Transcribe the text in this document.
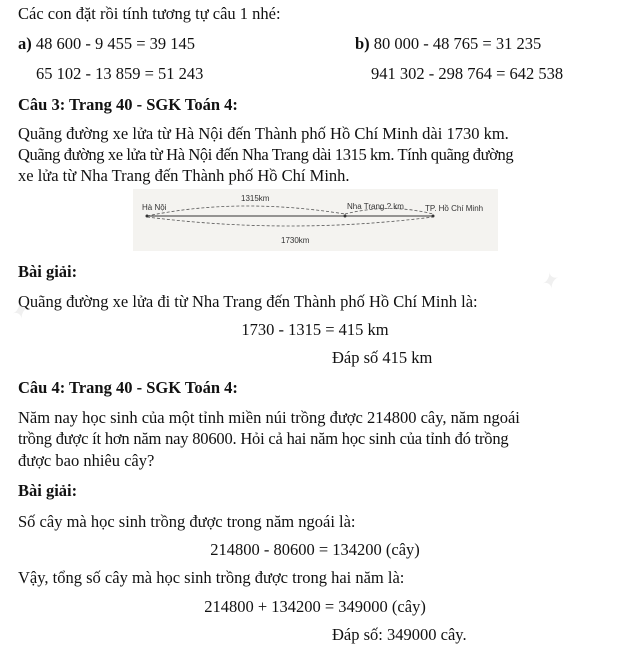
Các con đặt rồi tính tương tự câu 1 nhé:
a) 48 600 - 9 455 = 39 145	b) 80 000 - 48 765 = 31 235
65 102 - 13 859 = 51 243	941 302 - 298 764 = 642 538
Câu 3: Trang 40 - SGK Toán 4:
Quãng đường xe lửa từ Hà Nội đến Thành phố Hồ Chí Minh dài 1730 km.
Quãng đường xe lửa từ Hà Nội đến Nha Trang dài 1315 km. Tính quãng đường
xe lửa từ Nha Trang đến Thành phố Hồ Chí Minh.
Hà Nội
1315km
Nha Trang ? km	TP. Hồ Chí Minh
1730km
Bài giải:
Quãng đường xe lửa đi từ Nha Trang đến Thành phố Hồ Chí Minh là:
1730 - 1315 = 415 km
Đáp số 415 km
Câu 4: Trang 40 - SGK Toán 4:
Năm nay học sinh của một tỉnh miền núi trồng được 214800 cây, năm ngoái
trồng được ít hơn năm nay 80600. Hỏi cả hai năm học sinh của tỉnh đó trồng
được bao nhiêu cây?
Bài giải:
Số cây mà học sinh trồng được trong năm ngoái là:
214800 - 80600 = 134200 (cây)
Vậy, tổng số cây mà học sinh trồng được trong hai năm là:
214800 + 134200 = 349000 (cây)
Đáp số: 349000 cây.
✦
✦
